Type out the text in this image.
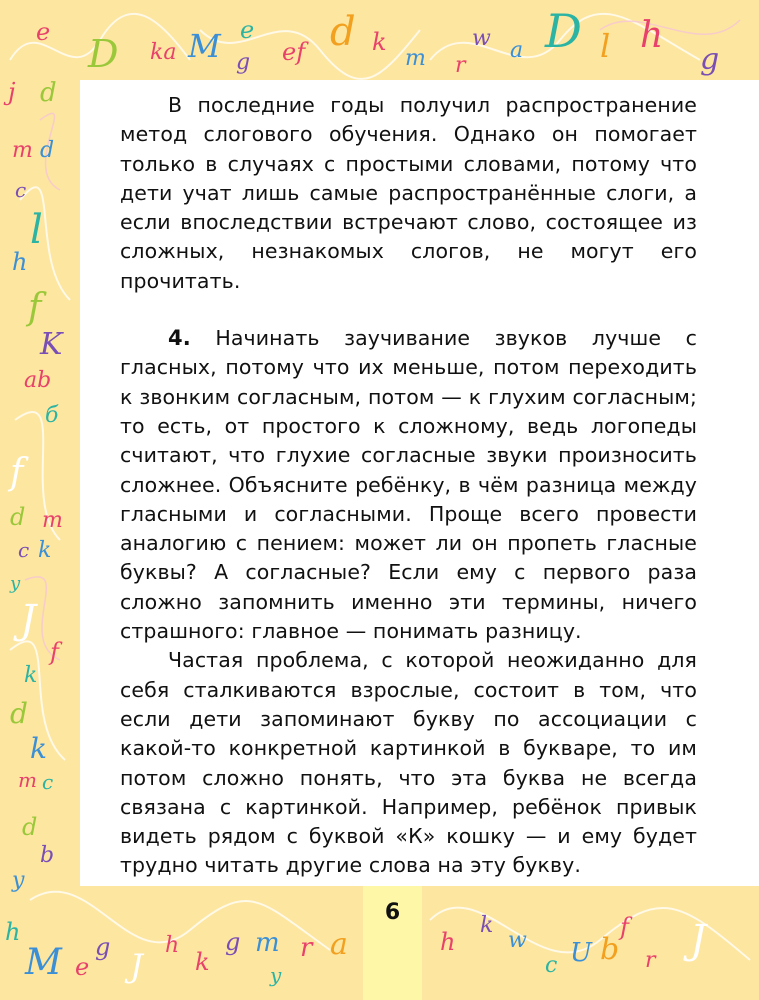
e D ka M e
g ef d k
m r
w a D l h
g
j d
m d
c
l
h
f
K
ab
б
f
d m
c k
y
J
f
k
d
k
m c
d
b
y
h
M e
g J
h
k
g m
y
r a	h
k
w
c U b
f
r J

В последние годы получил распространение метод слогового обучения. Однако он помогает только в случаях с простыми словами, потому что дети учат лишь самые распространённые слоги, а если впоследствии встречают слово, состоящее из сложных, незнакомых слогов, не могут его прочитать.

4. Начинать заучивание звуков лучше с гласных, потому что их меньше, потом переходить к звонким согласным, потом — к глухим согласным; то есть, от простого к сложному, ведь логопеды считают, что глухие согласные звуки произносить сложнее. Объясните ребёнку, в чём разница между гласными и согласными. Проще всего провести аналогию с пением: может ли он пропеть гласные буквы? А согласные? Если ему с первого раза сложно запомнить именно эти термины, ничего страшного: главное — понимать разницу.

Частая проблема, с которой неожиданно для себя сталкиваются взрослые, состоит в том, что если дети запоминают букву по ассоциации с какой-то конкретной картинкой в букваре, то им потом сложно понять, что эта буква не всегда связана с картинкой. Например, ребёнок привык видеть рядом с буквой «К» кошку — и ему будет трудно читать другие слова на эту букву.

6
